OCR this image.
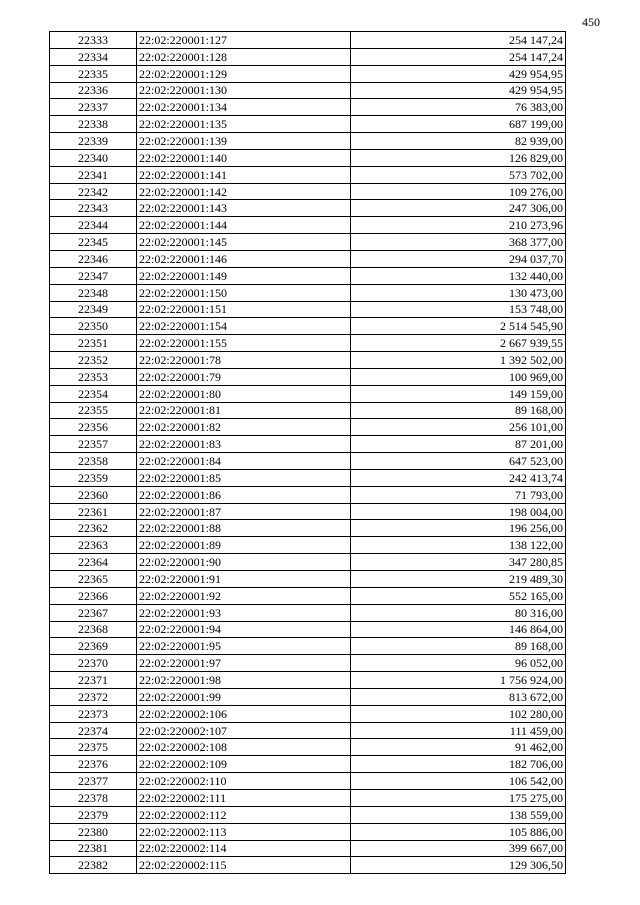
450
22333	22:02:220001:127	254 147,24
22334	22:02:220001:128	254 147,24
22335	22:02:220001:129	429 954,95
22336	22:02:220001:130	429 954,95
22337	22:02:220001:134	76 383,00
22338	22:02:220001:135	687 199,00
22339	22:02:220001:139	82 939,00
22340	22:02:220001:140	126 829,00
22341	22:02:220001:141	573 702,00
22342	22:02:220001:142	109 276,00
22343	22:02:220001:143	247 306,00
22344	22:02:220001:144	210 273,96
22345	22:02:220001:145	368 377,00
22346	22:02:220001:146	294 037,70
22347	22:02:220001:149	132 440,00
22348	22:02:220001:150	130 473,00
22349	22:02:220001:151	153 748,00
22350	22:02:220001:154	2 514 545,90
22351	22:02:220001:155	2 667 939,55
22352	22:02:220001:78	1 392 502,00
22353	22:02:220001:79	100 969,00
22354	22:02:220001:80	149 159,00
22355	22:02:220001:81	89 168,00
22356	22:02:220001:82	256 101,00
22357	22:02:220001:83	87 201,00
22358	22:02:220001:84	647 523,00
22359	22:02:220001:85	242 413,74
22360	22:02:220001:86	71 793,00
22361	22:02:220001:87	198 004,00
22362	22:02:220001:88	196 256,00
22363	22:02:220001:89	138 122,00
22364	22:02:220001:90	347 280,85
22365	22:02:220001:91	219 489,30
22366	22:02:220001:92	552 165,00
22367	22:02:220001:93	80 316,00
22368	22:02:220001:94	146 864,00
22369	22:02:220001:95	89 168,00
22370	22:02:220001:97	96 052,00
22371	22:02:220001:98	1 756 924,00
22372	22:02:220001:99	813 672,00
22373	22:02:220002:106	102 280,00
22374	22:02:220002:107	111 459,00
22375	22:02:220002:108	91 462,00
22376	22:02:220002:109	182 706,00
22377	22:02:220002:110	106 542,00
22378	22:02:220002:111	175 275,00
22379	22:02:220002:112	138 559,00
22380	22:02:220002:113	105 886,00
22381	22:02:220002:114	399 667,00
22382	22:02:220002:115	129 306,50
